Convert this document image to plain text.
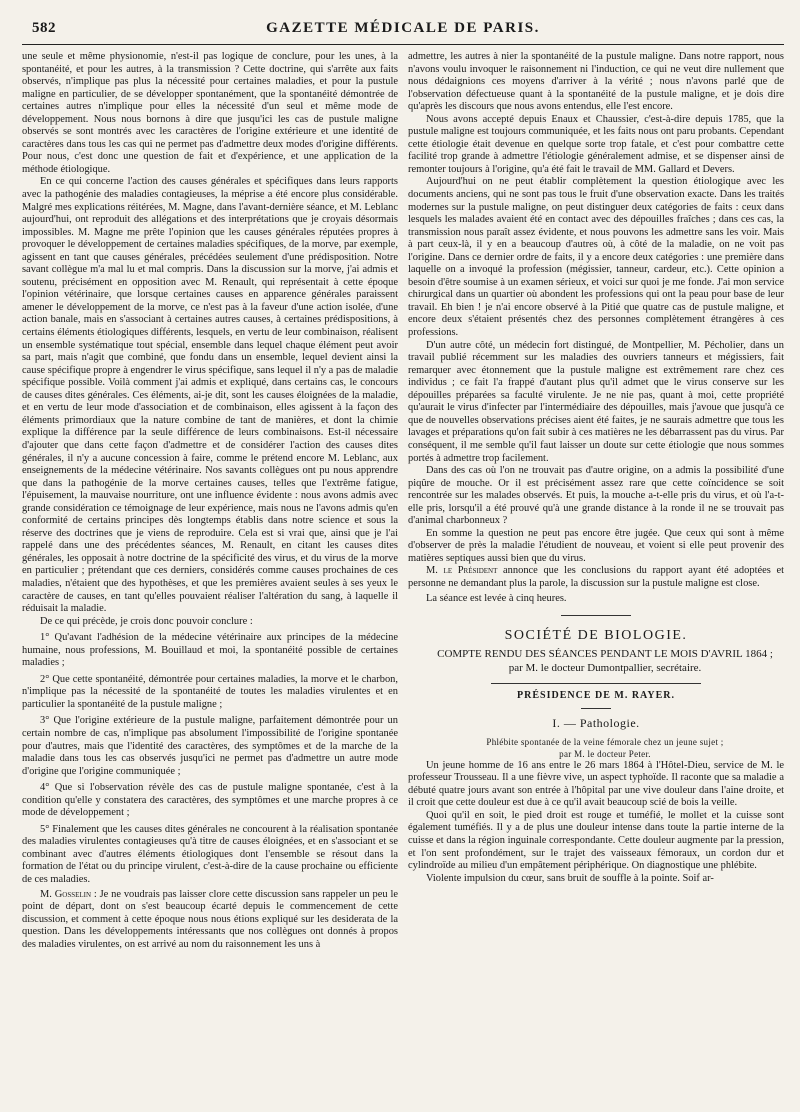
582	GAZETTE MÉDICALE DE PARIS.

une seule et même physionomie, n'est-il pas logique de conclure, pour les unes, à la spontanéité, et pour les autres, à la transmission ? Cette doctrine, qui s'arrête aux faits observés, n'implique pas plus la nécessité pour certaines maladies, et pour la pustule maligne en particulier, de se développer spontanément, que la spontanéité démontrée de certaines autres n'implique pour elles la nécessité d'un seul et même mode de développement. Nous nous bornons à dire que jusqu'ici les cas de pustule maligne observés se sont montrés avec les caractères de l'origine extérieure et une identité de caractères dans tous les cas qui ne permet pas d'admettre deux modes d'origine différents. Pour nous, c'est donc une question de fait et d'expérience, et une application de la méthode étiologique.

En ce qui concerne l'action des causes générales et spécifiques dans leurs rapports avec la pathogénie des maladies contagieuses, la méprise a été encore plus considérable. Malgré mes explications réitérées, M. Magne, dans l'avant-dernière séance, et M. Leblanc aujourd'hui, ont reproduit des allégations et des interprétations que je croyais désormais impossibles. M. Magne me prête l'opinion que les causes générales réputées propres à provoquer le développement de certaines maladies spécifiques, de la morve, par exemple, agissent en tant que causes générales, précédées seulement d'une prédisposition. Notre savant collègue m'a mal lu et mal compris. Dans la discussion sur la morve, j'ai admis et soutenu, précisément en opposition avec M. Renault, qui représentait à cette époque l'opinion vétérinaire, que lorsque certaines causes en apparence générales paraissent amener le développement de la morve, ce n'est pas à la faveur d'une action isolée, d'une action banale, mais en s'associant à certaines autres causes, à certaines prédispositions, à certains éléments étiologiques différents, lesquels, en vertu de leur combinaison, réalisent un ensemble systématique tout spécial, ensemble dans lequel chaque élément peut avoir sa part, mais n'agit que combiné, que fondu dans un ensemble, lequel devient ainsi la cause spécifique propre à engendrer le virus spécifique, sans lequel il n'y a pas de maladie spécifique possible. Voilà comment j'ai admis et expliqué, dans certains cas, le concours de causes dites générales. Ces éléments, ai-je dit, sont les causes éloignées de la maladie, et en vertu de leur mode d'association et de combinaison, elles agissent à la façon des éléments primordiaux que la nature combine de tant de manières, et dont la chimie explique la différence par la seule différence de leurs combinaisons. Est-il nécessaire d'ajouter que dans cette façon d'admettre et de considérer l'action des causes dites générales, il n'y a aucune concession à faire, comme le prétend encore M. Leblanc, aux enseignements de la médecine vétérinaire. Nos savants collègues ont pu nous apprendre que dans la pathogénie de la morve certaines causes, telles que l'extrême fatigue, l'épuisement, la mauvaise nourriture, ont une influence évidente : nous avons admis avec grande considération ce témoignage de leur expérience, mais nous ne l'avons admis qu'en conformité de certains principes dès longtemps établis dans notre science et sous la réserve des doctrines que je viens de reproduire. Cela est si vrai que, ainsi que je l'ai rappelé dans une des précédentes séances, M. Renault, en citant les causes dites générales, les opposait à notre doctrine de la spécificité des virus, et du virus de la morve en particulier ; prétendant que ces derniers, considérés comme causes prochaines de ces maladies, n'étaient que des hypothèses, et que les premières avaient seules à ses yeux le caractère de causes, en tant qu'elles pouvaient réaliser l'altération du sang, à laquelle il réduisait la maladie.

De ce qui précède, je crois donc pouvoir conclure :

1° Qu'avant l'adhésion de la médecine vétérinaire aux principes de la médecine humaine, nous professions, M. Bouillaud et moi, la spontanéité possible de certaines maladies ;

2° Que cette spontanéité, démontrée pour certaines maladies, la morve et le charbon, n'implique pas la nécessité de la spontanéité de toutes les maladies virulentes et en particulier la spontanéité de la pustule maligne ;

3° Que l'origine extérieure de la pustule maligne, parfaitement démontrée pour un certain nombre de cas, n'implique pas absolument l'impossibilité de l'origine spontanée pour d'autres, mais que l'identité des caractères, des symptômes et de la marche de la maladie dans tous les cas observés jusqu'ici ne permet pas d'admettre un autre mode d'origine que l'origine communiquée ;

4° Que si l'observation révèle des cas de pustule maligne spontanée, c'est à la condition qu'elle y constatera des caractères, des symptômes et une marche propres à ce mode de développement ;

5° Finalement que les causes dites générales ne concourent à la réalisation spontanée des maladies virulentes contagieuses qu'à titre de causes éloignées, et en s'associant et se combinant avec d'autres éléments étiologiques dont l'ensemble se résout dans la formation de l'état ou du principe virulent, c'est-à-dire de la cause prochaine ou efficiente de ces maladies.

M. Gosselin : Je ne voudrais pas laisser clore cette discussion sans rappeler un peu le point de départ, dont on s'est beaucoup écarté depuis le commencement de cette discussion, et comment à cette époque nous nous étions expliqué sur les desiderata de la question. Dans les développements intéressants que nos collègues ont donnés à propos des maladies virulentes, on est arrivé au nom du raisonnement les uns à

admettre, les autres à nier la spontanéité de la pustule maligne. Dans notre rapport, nous n'avons voulu invoquer le raisonnement ni l'induction, ce qui ne veut dire nullement que nous dédaignions ces moyens d'arriver à la vérité ; nous n'avons parlé que de l'observation défectueuse quant à la spontanéité de la pustule maligne, et je dois dire qu'après les discours que nous avons entendus, elle l'est encore.

Nous avons accepté depuis Enaux et Chaussier, c'est-à-dire depuis 1785, que la pustule maligne est toujours communiquée, et les faits nous ont paru probants. Cependant cette étiologie était devenue en quelque sorte trop fatale, et c'est pour combattre cette facilité trop grande à admettre l'étiologie généralement admise, et se dispenser ainsi de remonter toujours à l'origine, qu'a été fait le travail de MM. Gallard et Devers.

Aujourd'hui on ne peut établir complètement la question étiologique avec les documents anciens, qui ne sont pas tous le fruit d'une observation exacte. Dans les traités modernes sur la pustule maligne, on peut distinguer deux catégories de faits : ceux dans lesquels les malades avaient été en contact avec des dépouilles fraîches ; dans ces cas, la transmission nous paraît assez évidente, et nous pouvons les admettre sans les voir. Mais à part ceux-là, il y en a beaucoup d'autres où, à côté de la maladie, on ne voit pas l'origine. Dans ce dernier ordre de faits, il y a encore deux catégories : une première dans laquelle on a invoqué la profession (mégissier, tanneur, cardeur, etc.). Cette opinion a besoin d'être soumise à un examen sérieux, et voici sur quoi je me fonde. J'ai mon service chirurgical dans un quartier où abondent les professions qui ont la peau pour base de leur travail. Eh bien ! je n'ai encore observé à la Pitié que quatre cas de pustule maligne, et encore deux s'étaient présentés chez des personnes complètement étrangères à ces professions.

D'un autre côté, un médecin fort distingué, de Montpellier, M. Pécholier, dans un travail publié récemment sur les maladies des ouvriers tanneurs et mégissiers, fait remarquer avec étonnement que la pustule maligne est extrêmement rare chez ces individus ; ce fait l'a frappé d'autant plus qu'il admet que le virus conserve sur les dépouilles préparées sa faculté virulente. Je ne nie pas, quant à moi, cette propriété qu'aurait le virus d'infecter par l'intermédiaire des dépouilles, mais j'avoue que jusqu'à ce que de nouvelles observations précises aient été faites, je ne saurais admettre que tous les lavages et préparations qu'on fait subir à ces matières ne les débarrassent pas du virus. Par conséquent, il me semble qu'il faut laisser un doute sur cette étiologie que nous sommes portés à admettre trop facilement.

Dans des cas où l'on ne trouvait pas d'autre origine, on a admis la possibilité d'une piqûre de mouche. Or il est précisément assez rare que cette coïncidence se soit rencontrée sur les malades observés. Et puis, la mouche a-t-elle pris du virus, et où l'a-t-elle pris, lorsqu'il a été prouvé qu'à une grande distance à la ronde il ne se trouvait pas d'animal charbonneux ?

En somme la question ne peut pas encore être jugée. Que ceux qui sont à même d'observer de près la maladie l'étudient de nouveau, et voient si elle peut provenir des matières septiques aussi bien que du virus.

M. le Président annonce que les conclusions du rapport ayant été adoptées et personne ne demandant plus la parole, la discussion sur la pustule maligne est close.

La séance est levée à cinq heures.

SOCIÉTÉ DE BIOLOGIE.

COMPTE RENDU DES SÉANCES PENDANT LE MOIS D'AVRIL 1864 ;

par M. le docteur Dumontpallier, secrétaire.

PRÉSIDENCE DE M. RAYER.
I. — Pathologie.

Phlébite spontanée de la veine fémorale chez un jeune sujet ;

par M. le docteur Peter.

Un jeune homme de 16 ans entre le 26 mars 1864 à l'Hôtel-Dieu, service de M. le professeur Trousseau. Il a une fièvre vive, un aspect typhoïde. Il raconte que sa maladie a débuté quatre jours avant son entrée à l'hôpital par une vive douleur dans l'aine droite, et il croit que cette douleur est due à ce qu'il avait beaucoup scié de bois la veille.

Quoi qu'il en soit, le pied droit est rouge et tuméfié, le mollet et la cuisse sont également tuméfiés. Il y a de plus une douleur intense dans toute la partie interne de la cuisse et dans la région inguinale correspondante. Cette douleur augmente par la pression, et l'on sent profondément, sur le trajet des vaisseaux fémoraux, un cordon dur et cylindroïde au milieu d'un empâtement périphérique. On diagnostique une phlébite.

Violente impulsion du cœur, sans bruit de souffle à la pointe. Soif ar-
